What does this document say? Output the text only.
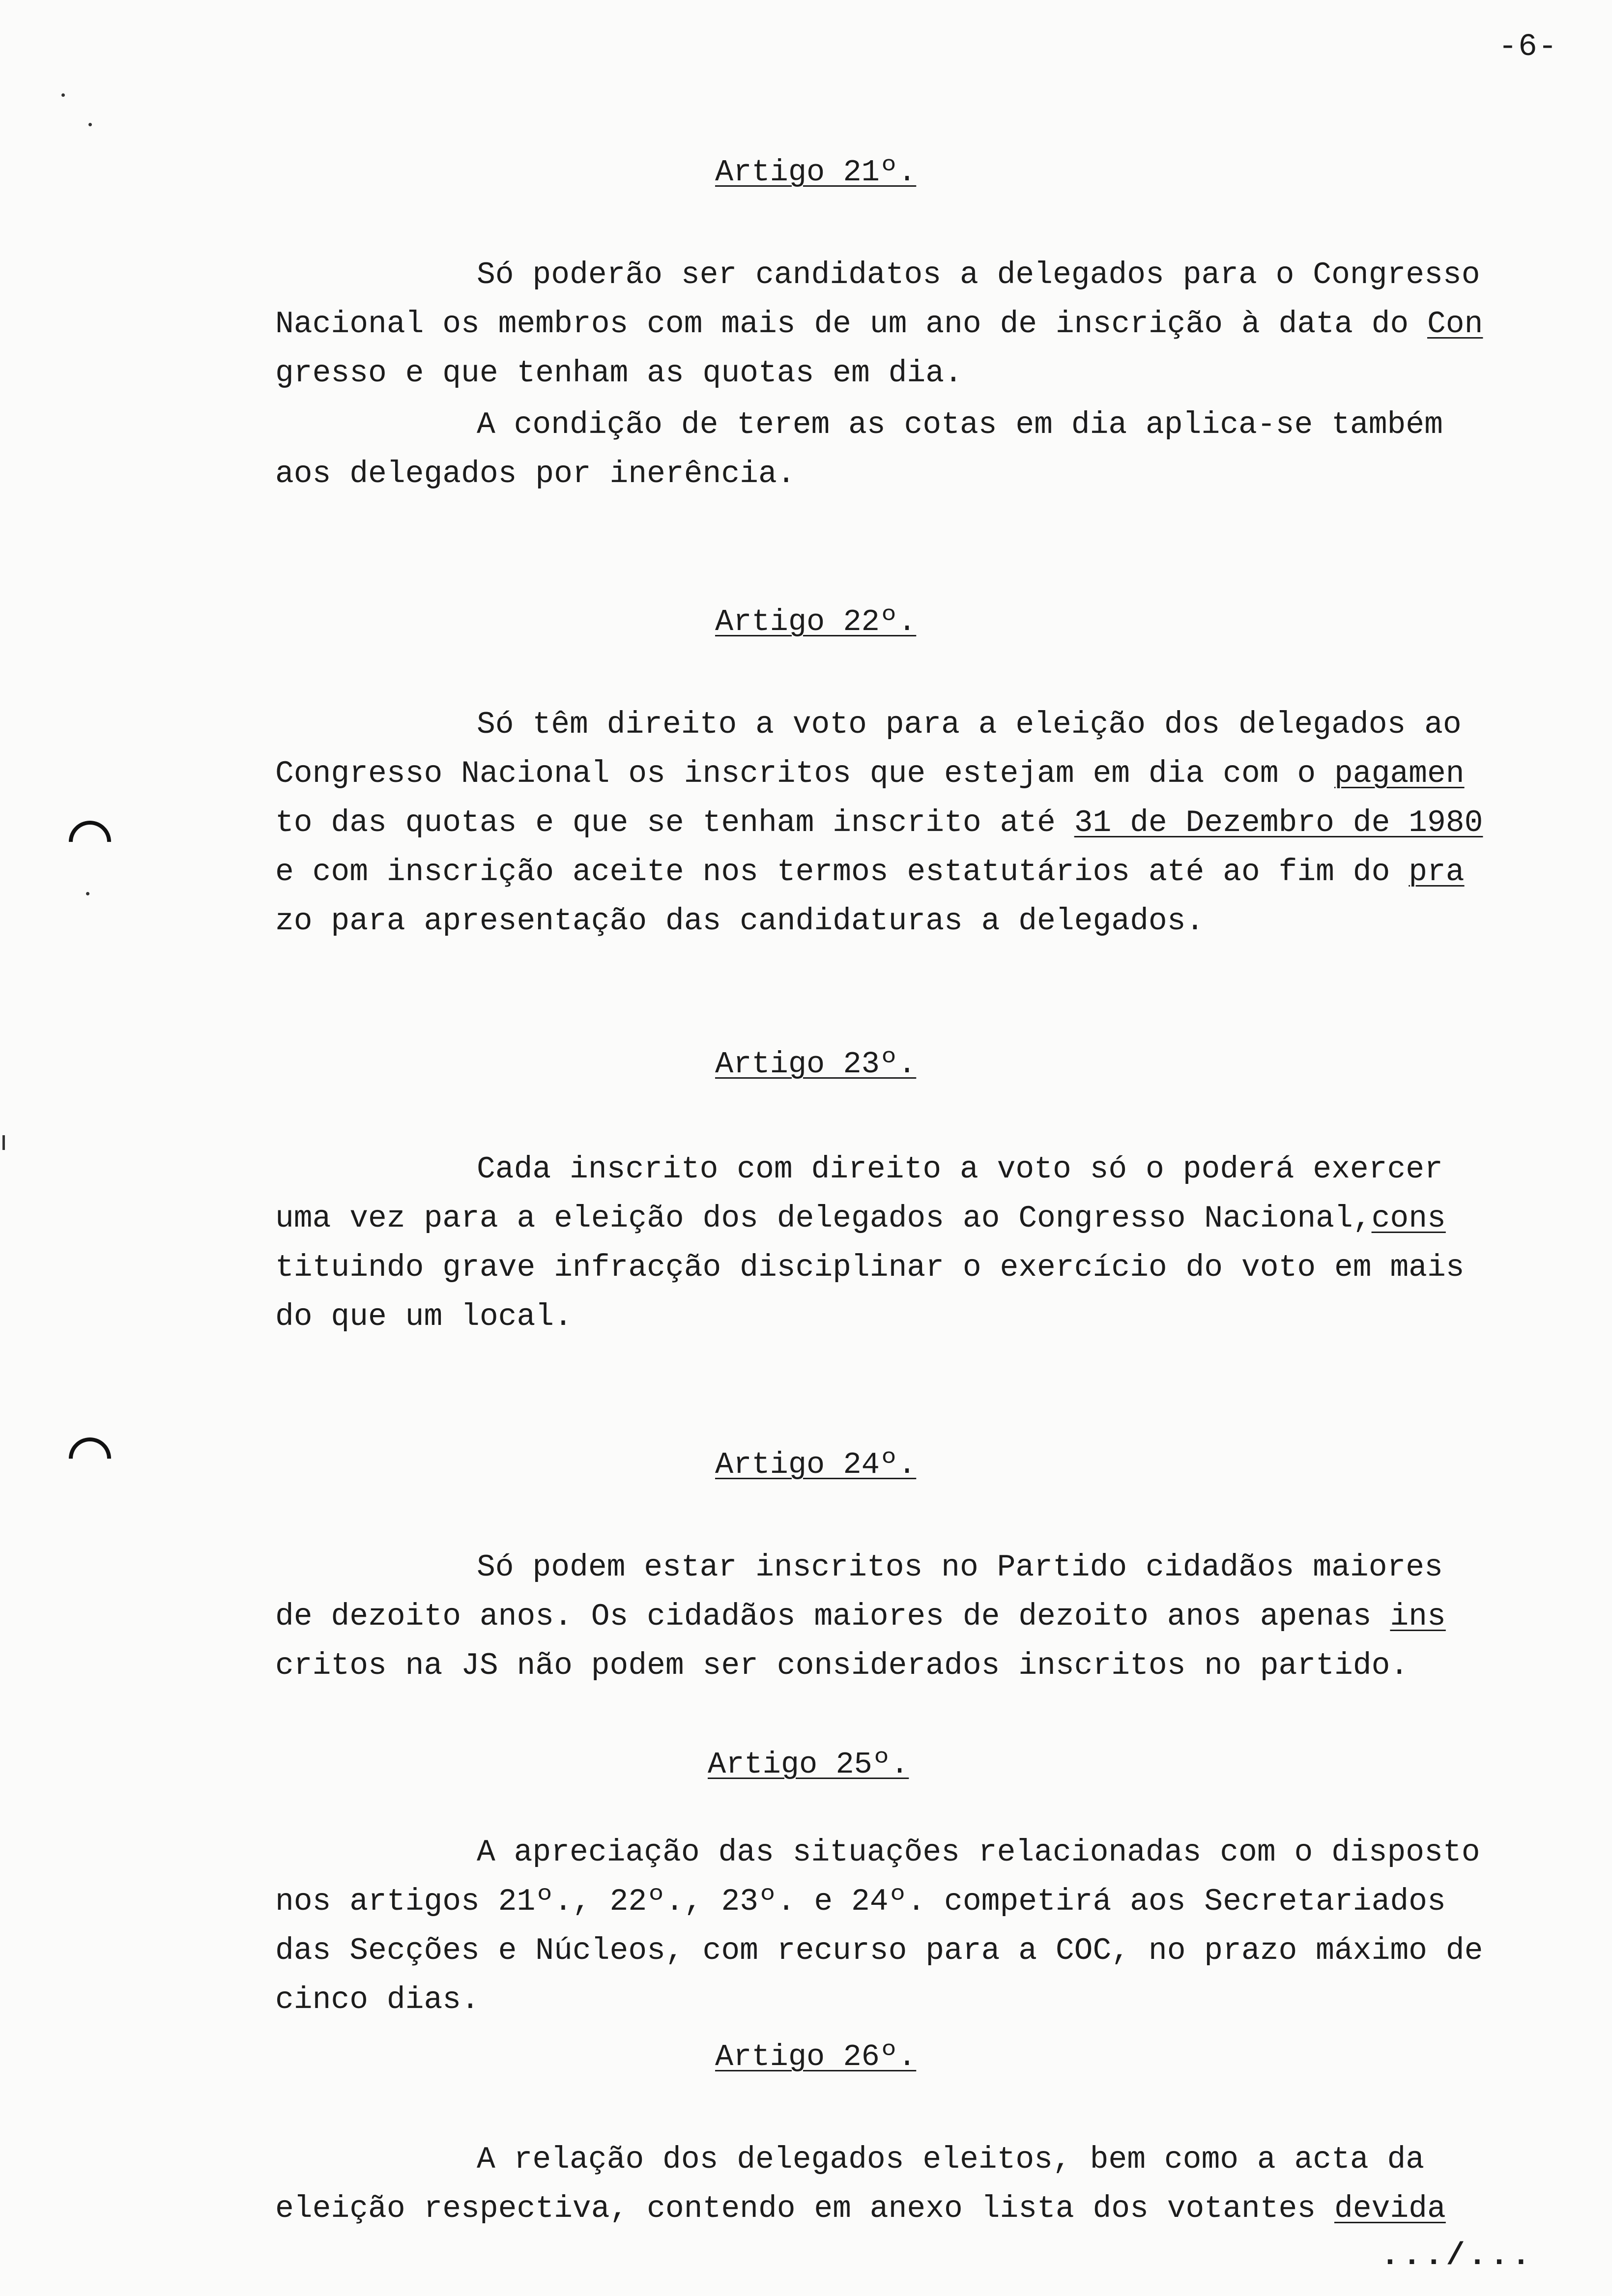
-6-
Artigo 21º.
Só poderão ser candidatos a delegados para o Congresso
Nacional os membros com mais de um ano de inscrição à data do Con
gresso e que tenham as quotas em dia.
A condição de terem as cotas em dia aplica-se também
aos delegados por inerência.
Artigo 22º.
Só têm direito a voto para a eleição dos delegados ao
Congresso Nacional os inscritos que estejam em dia com o pagamen
to das quotas e que se tenham inscrito até 31 de Dezembro de 1980
e com inscrição aceite nos termos estatutários até ao fim do pra
zo para apresentação das candidaturas a delegados.
Artigo 23º.
Cada inscrito com direito a voto só o poderá exercer
uma vez para a eleição dos delegados ao Congresso Nacional,cons
tituindo grave infracção disciplinar o exercício do voto em mais
do que um local.
Artigo 24º.
Só podem estar inscritos no Partido cidadãos maiores
de dezoito anos. Os cidadãos maiores de dezoito anos apenas ins
critos na JS não podem ser considerados inscritos no partido.
Artigo 25º.
A apreciação das situações relacionadas com o disposto
nos artigos 21º., 22º., 23º. e 24º. competirá aos Secretariados
das Secções e Núcleos, com recurso para a COC, no prazo máximo de
cinco dias.
Artigo 26º.
A relação dos delegados eleitos, bem como a acta da
eleição respectiva, contendo em anexo lista dos votantes devida
.../...
